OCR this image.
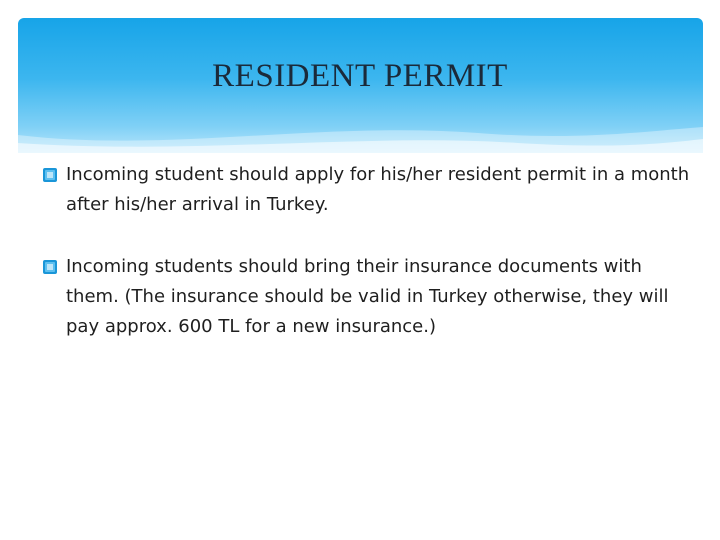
RESIDENT PERMIT
Incoming student should apply for his/her resident permit in a month after his/her arrival in Turkey.
Incoming students should bring their insurance documents with them. (The insurance should be valid in Turkey otherwise, they will pay approx. 600 TL for a new insurance.)
